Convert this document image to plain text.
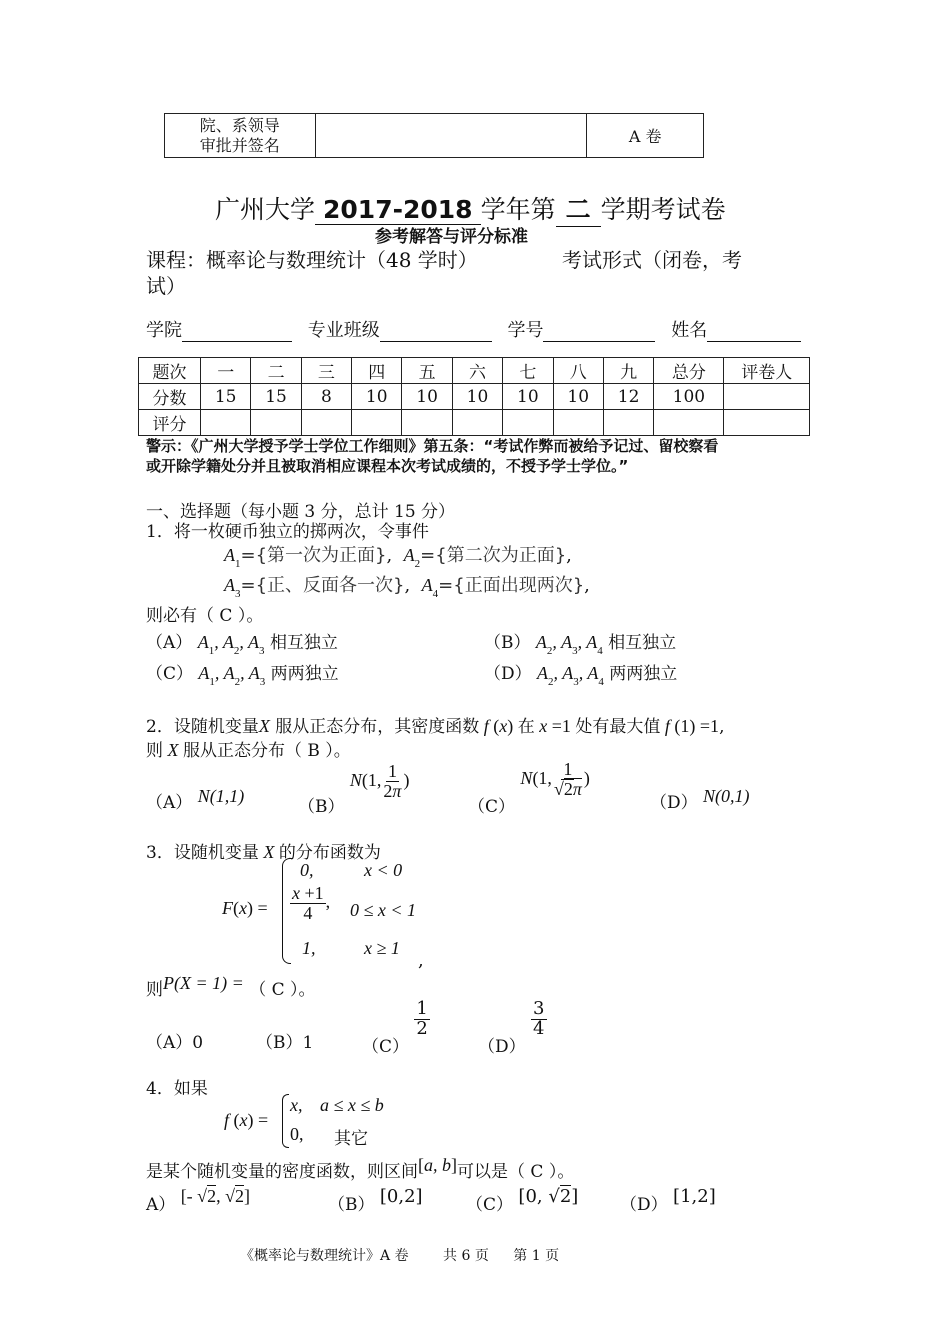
院、系领导
审批并签名		A 卷
广州大学 2017-2018 学年第 二 学期考试卷
参考解答与评分标准
课程：概率论与数理统计（48 学时）	考试形式（闭卷，考
试）
学院	专业班级	学号	姓名
题次	一	二	三	四	五	六	七	八	九	总分	评卷人
分数	15	15	8	10	10	10	10	10	12	100	
评分											
警示：《广州大学授予学士学位工作细则》第五条：“考试作弊而被给予记过、留校察看
或开除学籍处分并且被取消相应课程本次考试成绩的，不授予学士学位。”
一、选择题（每小题 3 分，总计 15 分）
1．将一枚硬币独立的掷两次，令事件
$A_1=${第一次为正面},  $A_2=${第二次为正面},
$A_3=${正、反面各一次},  $A_4=${正面出现两次},
则必有（ C ）。
（A） $A_1$, $A_2$, $A_3$ 相互独立	（B） $A_2$, $A_3$, $A_4$ 相互独立
（C） $A_1$, $A_2$, $A_3$ 两两独立	（D） $A_2$, $A_3$, $A_4$ 两两独立
2．设随机变量X 服从正态分布，其密度函数 f (x) 在 x =1 处有最大值 f (1) =1,
则 X 服从正态分布（ B ）。
（A） N(1,1)
（B） N(1, $\frac{1}{2\pi}$ )
（C） N(1, $\frac{1}{√2\pi}$ )
（D） N(0,1)
3．设随机变量 X 的分布函数为
F(x) =
0,	x < 0
$\frac{x +1}{4}$ , 0 ≤ x < 1
1,	x ≥ 1
,
则P(X = 1) = （ C ）。
（A）0	（B）1	（C）
$\frac{1}{2}$
（D）
$\frac{3}{4}$
4．如果
f (x) =
x, a ≤ x ≤ b
0, 其它
是某个随机变量的密度函数，则区间[a, b]可以是（ C ）。
A） [- √2, √2]	（B） [0,2]	（C） [0, √2] （D） [1,2]
《概率论与数理统计》A 卷 共 6 页 第 1 页
